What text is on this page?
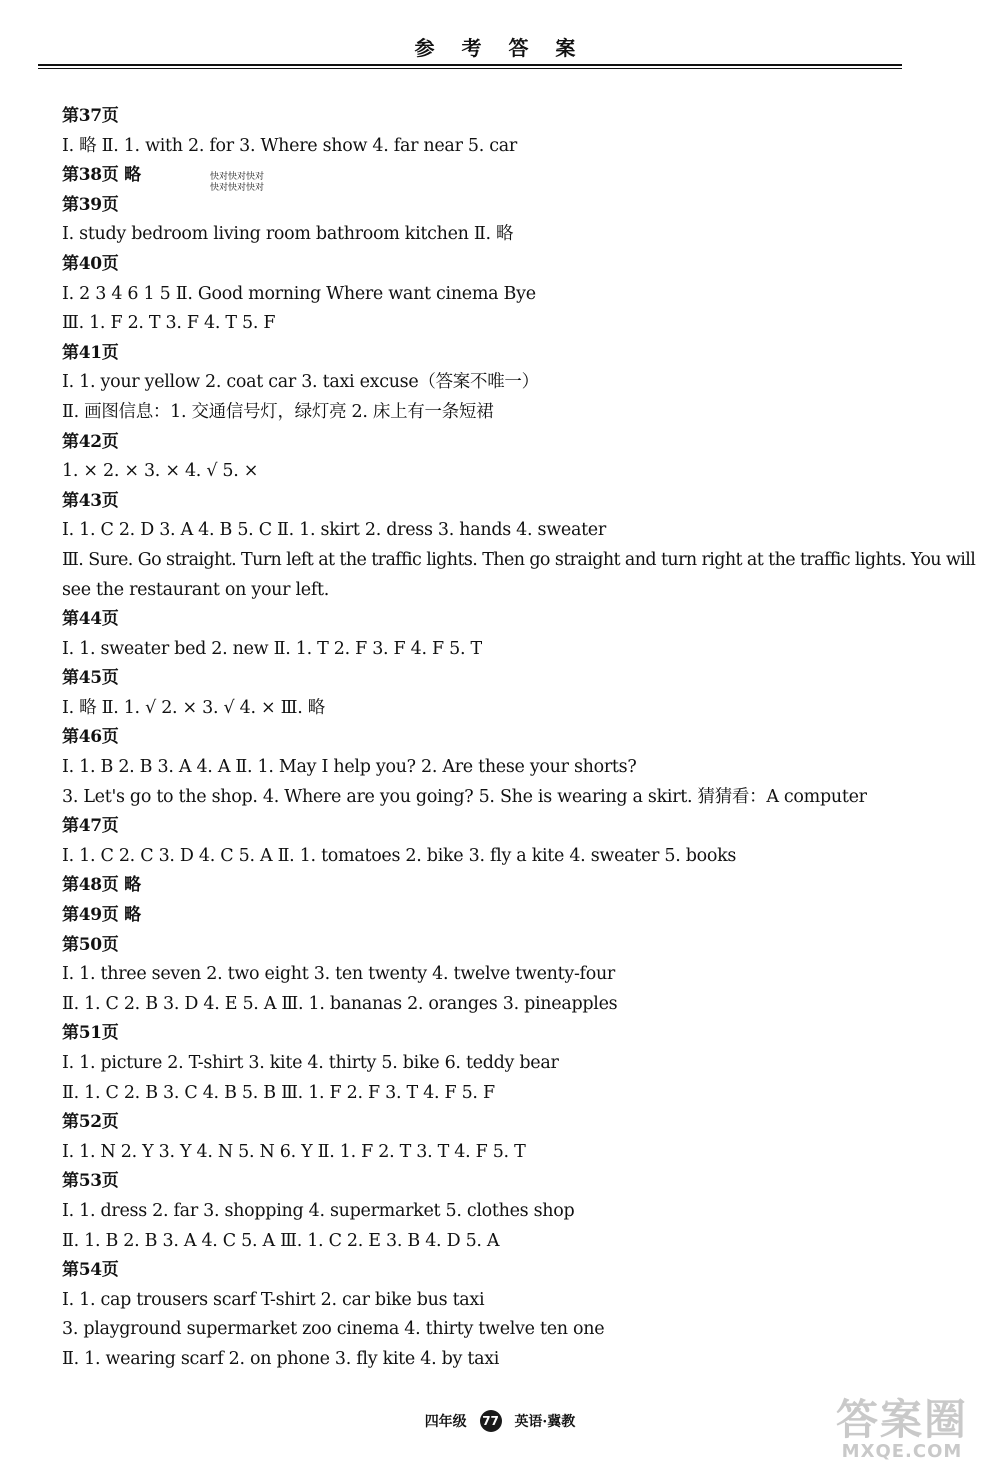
参 考 答 案
快对快对快对
快对快对快对
第37页
Ⅰ. 略 Ⅱ. 1. with 2. for 3. Where show 4. far near 5. car
第38页 略
第39页
Ⅰ. study bedroom living room bathroom kitchen Ⅱ. 略
第40页
Ⅰ. 2 3 4 6 1 5 Ⅱ. Good morning Where want cinema Bye
Ⅲ. 1. F 2. T 3. F 4. T 5. F
第41页
Ⅰ. 1. your yellow 2. coat car 3. taxi excuse（答案不唯一）
Ⅱ. 画图信息：1. 交通信号灯，绿灯亮 2. 床上有一条短裙
第42页
1. × 2. × 3. × 4. √ 5. ×
第43页
Ⅰ. 1. C 2. D 3. A 4. B 5. C Ⅱ. 1. skirt 2. dress 3. hands 4. sweater
Ⅲ. Sure. Go straight. Turn left at the traffic lights. Then go straight and turn right at the traffic lights. You will
see the restaurant on your left.
第44页
Ⅰ. 1. sweater bed 2. new Ⅱ. 1. T 2. F 3. F 4. F 5. T
第45页
Ⅰ. 略 Ⅱ. 1. √ 2. × 3. √ 4. × Ⅲ. 略
第46页
Ⅰ. 1. B 2. B 3. A 4. A Ⅱ. 1. May I help you? 2. Are these your shorts?
3. Let's go to the shop. 4. Where are you going? 5. She is wearing a skirt. 猜猜看：A computer
第47页
Ⅰ. 1. C 2. C 3. D 4. C 5. A Ⅱ. 1. tomatoes 2. bike 3. fly a kite 4. sweater 5. books
第48页 略
第49页 略
第50页
Ⅰ. 1. three seven 2. two eight 3. ten twenty 4. twelve twenty-four
Ⅱ. 1. C 2. B 3. D 4. E 5. A Ⅲ. 1. bananas 2. oranges 3. pineapples
第51页
Ⅰ. 1. picture 2. T-shirt 3. kite 4. thirty 5. bike 6. teddy bear
Ⅱ. 1. C 2. B 3. C 4. B 5. B Ⅲ. 1. F 2. F 3. T 4. F 5. F
第52页
Ⅰ. 1. N 2. Y 3. Y 4. N 5. N 6. Y Ⅱ. 1. F 2. T 3. T 4. F 5. T
第53页
Ⅰ. 1. dress 2. far 3. shopping 4. supermarket 5. clothes shop
Ⅱ. 1. B 2. B 3. A 4. C 5. A Ⅲ. 1. C 2. E 3. B 4. D 5. A
第54页
Ⅰ. 1. cap trousers scarf T-shirt 2. car bike bus taxi
3. playground supermarket zoo cinema 4. thirty twelve ten one
Ⅱ. 1. wearing scarf 2. on phone 3. fly kite 4. by taxi
四年级 77 英语·冀教	答案圈
MXQE.COM
